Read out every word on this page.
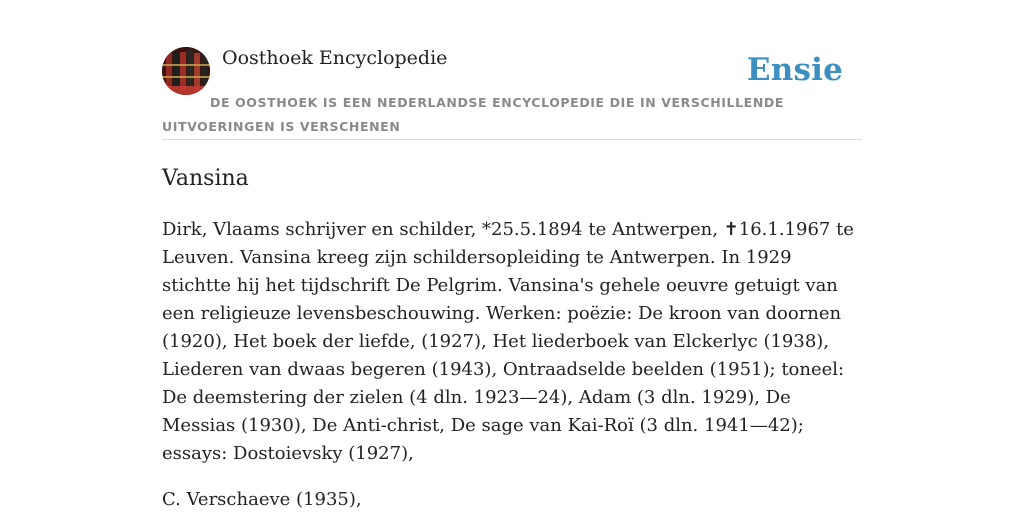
Oosthoek Encyclopedie	Ensie

DE OOSTHOEK IS EEN NEDERLANDSE ENCYCLOPEDIE DIE IN VERSCHILLENDE UITVOERINGEN IS VERSCHENEN

Vansina

Dirk, Vlaams schrijver en schilder, *25.5.1894 te Antwerpen, ✝16.1.1967 te Leuven. Vansina kreeg zijn schildersopleiding te Antwerpen. In 1929 stichtte hij het tijdschrift De Pelgrim. Vansina's gehele oeuvre getuigt van een religieuze levensbeschouwing. Werken: poëzie: De kroon van doornen (1920), Het boek der liefde, (1927), Het liederboek van Elckerlyc (1938), Liederen van dwaas begeren (1943), Ontraadselde beelden (1951); toneel: De deemstering der zielen (4 dln. 1923—24), Adam (3 dln. 1929), De Messias (1930), De Anti-christ, De sage van Kai-Roï (3 dln. 1941—42); essays: Dostoievsky (1927),

C. Verschaeve (1935),
